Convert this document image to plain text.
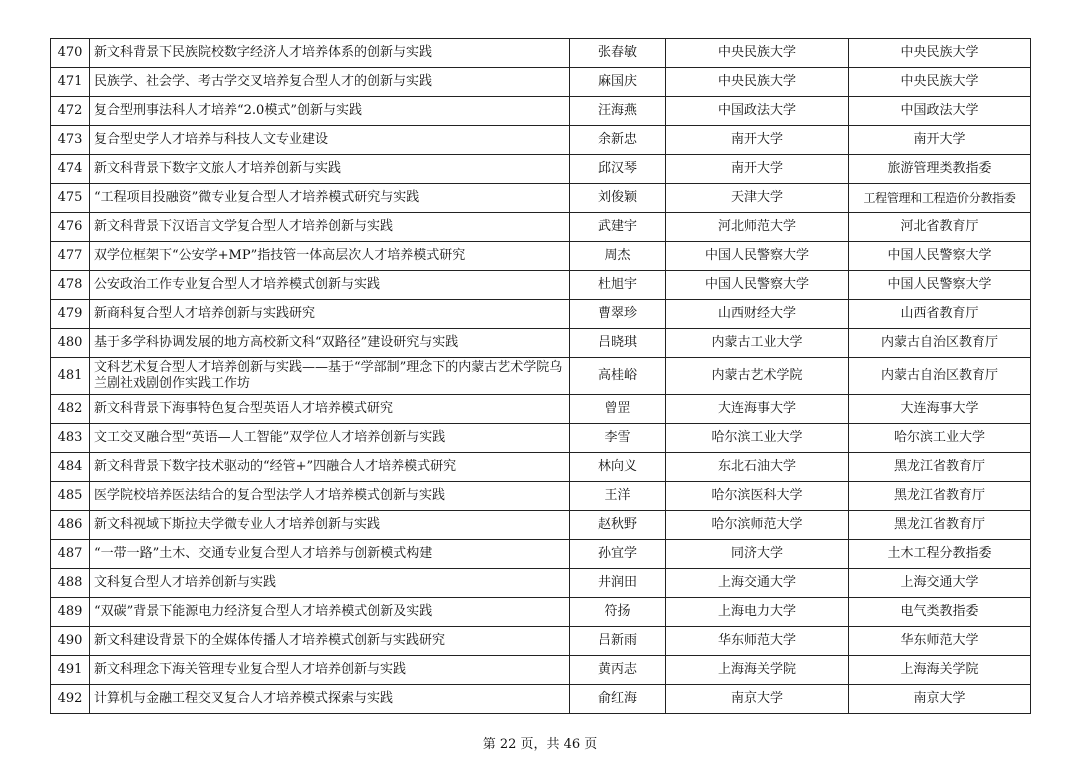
470	新文科背景下民族院校数字经济人才培养体系的创新与实践	张春敏	中央民族大学	中央民族大学
471	民族学、社会学、考古学交叉培养复合型人才的创新与实践	麻国庆	中央民族大学	中央民族大学
472	复合型刑事法科人才培养“2.0模式”创新与实践	汪海燕	中国政法大学	中国政法大学
473	复合型史学人才培养与科技人文专业建设	余新忠	南开大学	南开大学
474	新文科背景下数字文旅人才培养创新与实践	邱汉琴	南开大学	旅游管理类教指委
475	“工程项目投融资”微专业复合型人才培养模式研究与实践	刘俊颖	天津大学	工程管理和工程造价分教指委
476	新文科背景下汉语言文学复合型人才培养创新与实践	武建宇	河北师范大学	河北省教育厅
477	双学位框架下“公安学+MP”指技管一体高层次人才培养模式研究	周杰	中国人民警察大学	中国人民警察大学
478	公安政治工作专业复合型人才培养模式创新与实践	杜旭宇	中国人民警察大学	中国人民警察大学
479	新商科复合型人才培养创新与实践研究	曹翠珍	山西财经大学	山西省教育厅
480	基于多学科协调发展的地方高校新文科“双路径”建设研究与实践	吕晓琪	内蒙古工业大学	内蒙古自治区教育厅
481	文科艺术复合型人才培养创新与实践——基于“学部制”理念下的内蒙古艺术学院乌兰剧社戏剧创作实践工作坊	高桂峪	内蒙古艺术学院	内蒙古自治区教育厅
482	新文科背景下海事特色复合型英语人才培养模式研究	曾罡	大连海事大学	大连海事大学
483	文工交叉融合型“英语—人工智能”双学位人才培养创新与实践	李雪	哈尔滨工业大学	哈尔滨工业大学
484	新文科背景下数字技术驱动的“经管+”四融合人才培养模式研究	林向义	东北石油大学	黑龙江省教育厅
485	医学院校培养医法结合的复合型法学人才培养模式创新与实践	王洋	哈尔滨医科大学	黑龙江省教育厅
486	新文科视域下斯拉夫学微专业人才培养创新与实践	赵秋野	哈尔滨师范大学	黑龙江省教育厅
487	“一带一路”土木、交通专业复合型人才培养与创新模式构建	孙宜学	同济大学	土木工程分教指委
488	文科复合型人才培养创新与实践	井润田	上海交通大学	上海交通大学
489	“双碳”背景下能源电力经济复合型人才培养模式创新及实践	符扬	上海电力大学	电气类教指委
490	新文科建设背景下的全媒体传播人才培养模式创新与实践研究	吕新雨	华东师范大学	华东师范大学
491	新文科理念下海关管理专业复合型人才培养创新与实践	黄丙志	上海海关学院	上海海关学院
492	计算机与金融工程交叉复合人才培养模式探索与实践	俞红海	南京大学	南京大学
第 22 页，共 46 页
